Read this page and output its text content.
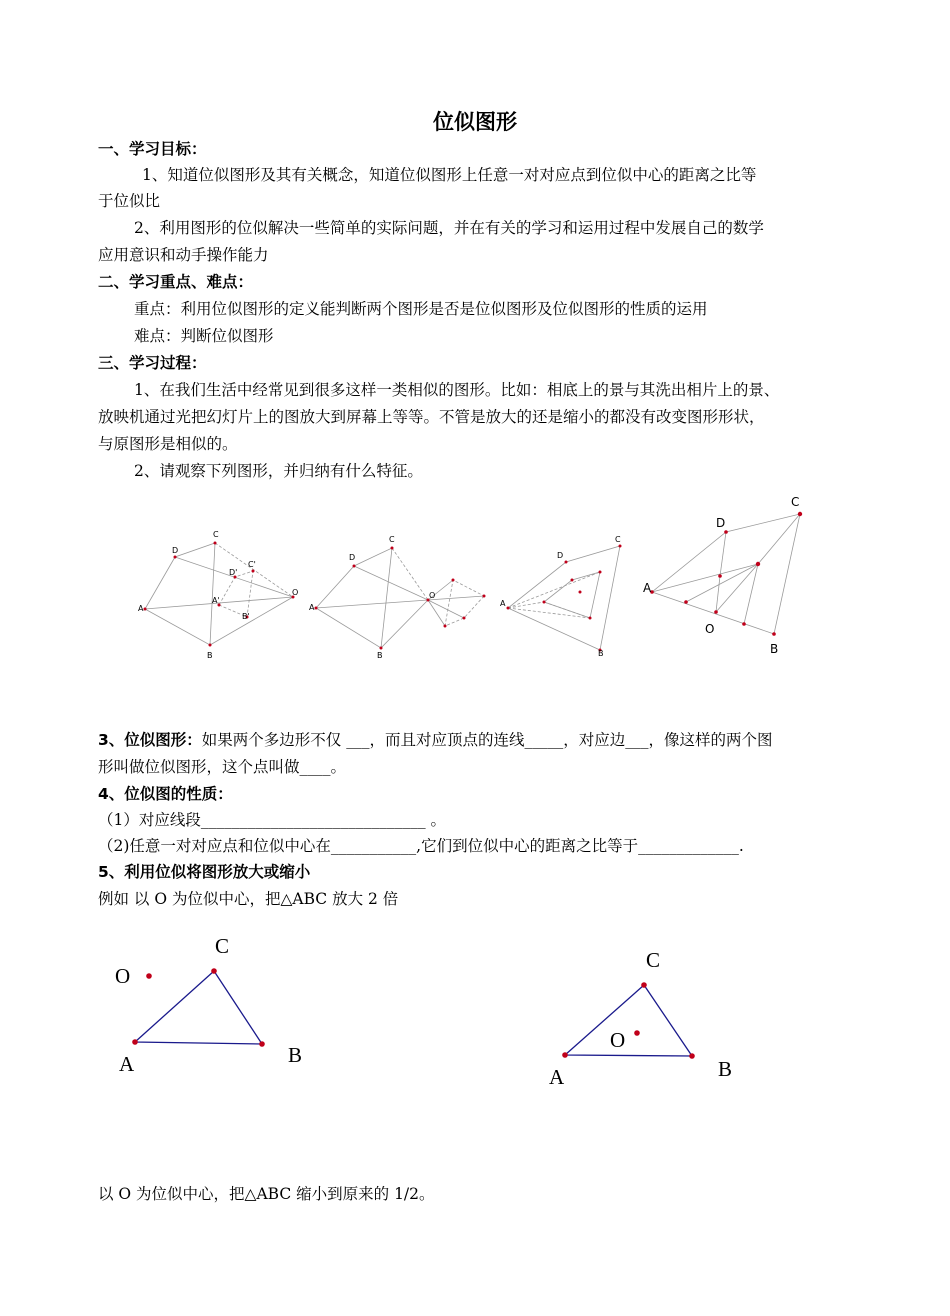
位似图形
一、学习目标：
1、知道位似图形及其有关概念，知道位似图形上任意一对对应点到位似中心的距离之比等
于位似比
2、利用图形的位似解决一些简单的实际问题，并在有关的学习和运用过程中发展自己的数学
应用意识和动手操作能力
二、学习重点、难点：
重点：利用位似图形的定义能判断两个图形是否是位似图形及位似图形的性质的运用
难点：判断位似图形
三、学习过程：
1、在我们生活中经常见到很多这样一类相似的图形。比如：相底上的景与其洗出相片上的景、
放映机通过光把幻灯片上的图放大到屏幕上等等。不管是放大的还是缩小的都没有改变图形形状，
与原图形是相似的。
2、请观察下列图形，并归纳有什么特征。
A
B
C
D
O
A'
B'
C'
D'
A
B
C
D
O
A
B
C
D
A
B
C
D
O
3、位似图形：如果两个多边形不仅 ___，而且对应顶点的连线_____，对应边___，像这样的两个图
形叫做位似图形，这个点叫做____。
4、位似图的性质：
（1）对应线段_____________________________ 。
（2)任意一对对应点和位似中心在___________,它们到位似中心的距离之比等于_____________.
5、利用位似将图形放大或缩小
例如 以 O 为位似中心，把△ABC 放大 2 倍
O
C
A	B
O
C
A	B
以 O 为位似中心，把△ABC 缩小到原来的 1/2。
